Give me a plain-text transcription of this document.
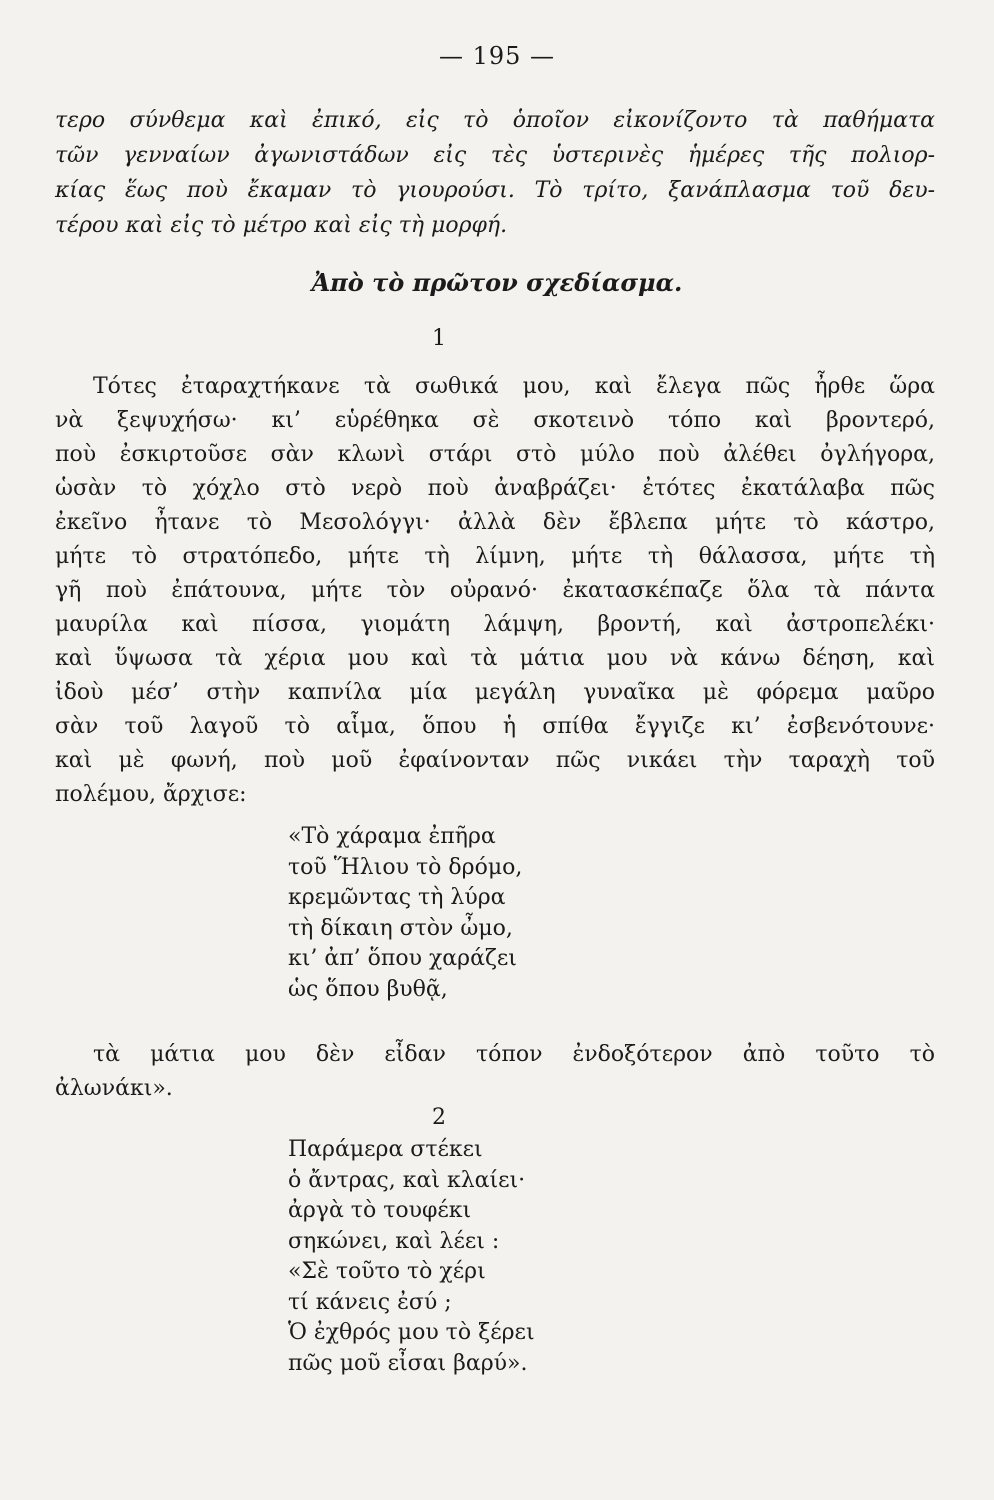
— 195 —
τερο σύνθεμα καὶ ἐπικό, εἰς τὸ ὁποῖον εἰκονίζοντο τὰ παθήματα
τῶν γενναίων ἀγωνιστάδων εἰς τὲς ὑστερινὲς ἡμέρες τῆς πολιορ-
κίας ἕως ποὺ ἔκαμαν τὸ γιουρούσι. Τὸ τρίτο, ξανάπλασμα τοῦ δευ-
τέρου καὶ εἰς τὸ μέτρο καὶ εἰς τὴ μορφή.
Ἀπὸ τὸ πρῶτον σχεδίασμα.
1
Τότες ἐταραχτήκανε τὰ σωθικά μου, καὶ ἔλεγα πῶς ἦρθε ὥρα
νὰ ξεψυχήσω· κι’ εὑρέθηκα σὲ σκοτεινὸ τόπο καὶ βροντερό,
ποὺ ἐσκιρτοῦσε σὰν κλωνὶ στάρι στὸ μύλο ποὺ ἀλέθει ὀγλήγορα,
ὡσὰν τὸ χόχλο στὸ νερὸ ποὺ ἀναβράζει· ἐτότες ἐκατάλαβα πῶς
ἐκεῖνο ἦτανε τὸ Μεσολόγγι· ἀλλὰ δὲν ἔβλεπα μήτε τὸ κάστρο,
μήτε τὸ στρατόπεδο, μήτε τὴ λίμνη, μήτε τὴ θάλασσα, μήτε τὴ
γῆ ποὺ ἐπάτουνα, μήτε τὸν οὐρανό· ἐκατασκέπαζε ὅλα τὰ πάντα
μαυρίλα καὶ πίσσα, γιομάτη λάμψη, βροντή, καὶ ἀστροπελέκι·
καὶ ὕψωσα τὰ χέρια μου καὶ τὰ μάτια μου νὰ κάνω δέηση, καὶ
ἰδοὺ μέσ’ στὴν καπνίλα μία μεγάλη γυναῖκα μὲ φόρεμα μαῦρο
σὰν τοῦ λαγοῦ τὸ αἷμα, ὅπου ἡ σπίθα ἔγγιζε κι’ ἐσβενότουνε·
καὶ μὲ φωνή, ποὺ μοῦ ἐφαίνονταν πῶς νικάει τὴν ταραχὴ τοῦ
πολέμου, ἄρχισε:
«Τὸ χάραμα ἐπῆρα
τοῦ Ἥλιου τὸ δρόμο,
κρεμῶντας τὴ λύρα
τὴ δίκαιη στὸν ὦμο,
κι’ ἀπ’ ὅπου χαράζει
ὡς ὅπου βυθᾷ,
τὰ μάτια μου δὲν εἶδαν τόπον ἐνδοξότερον ἀπὸ τοῦτο τὸ
ἀλωνάκι».
2
Παράμερα στέκει
ὁ ἄντρας, καὶ κλαίει·
ἀργὰ τὸ τουφέκι
σηκώνει, καὶ λέει :
«Σὲ τοῦτο τὸ χέρι
τί κάνεις ἐσύ ;
Ὁ ἐχθρός μου τὸ ξέρει
πῶς μοῦ εἶσαι βαρύ».
